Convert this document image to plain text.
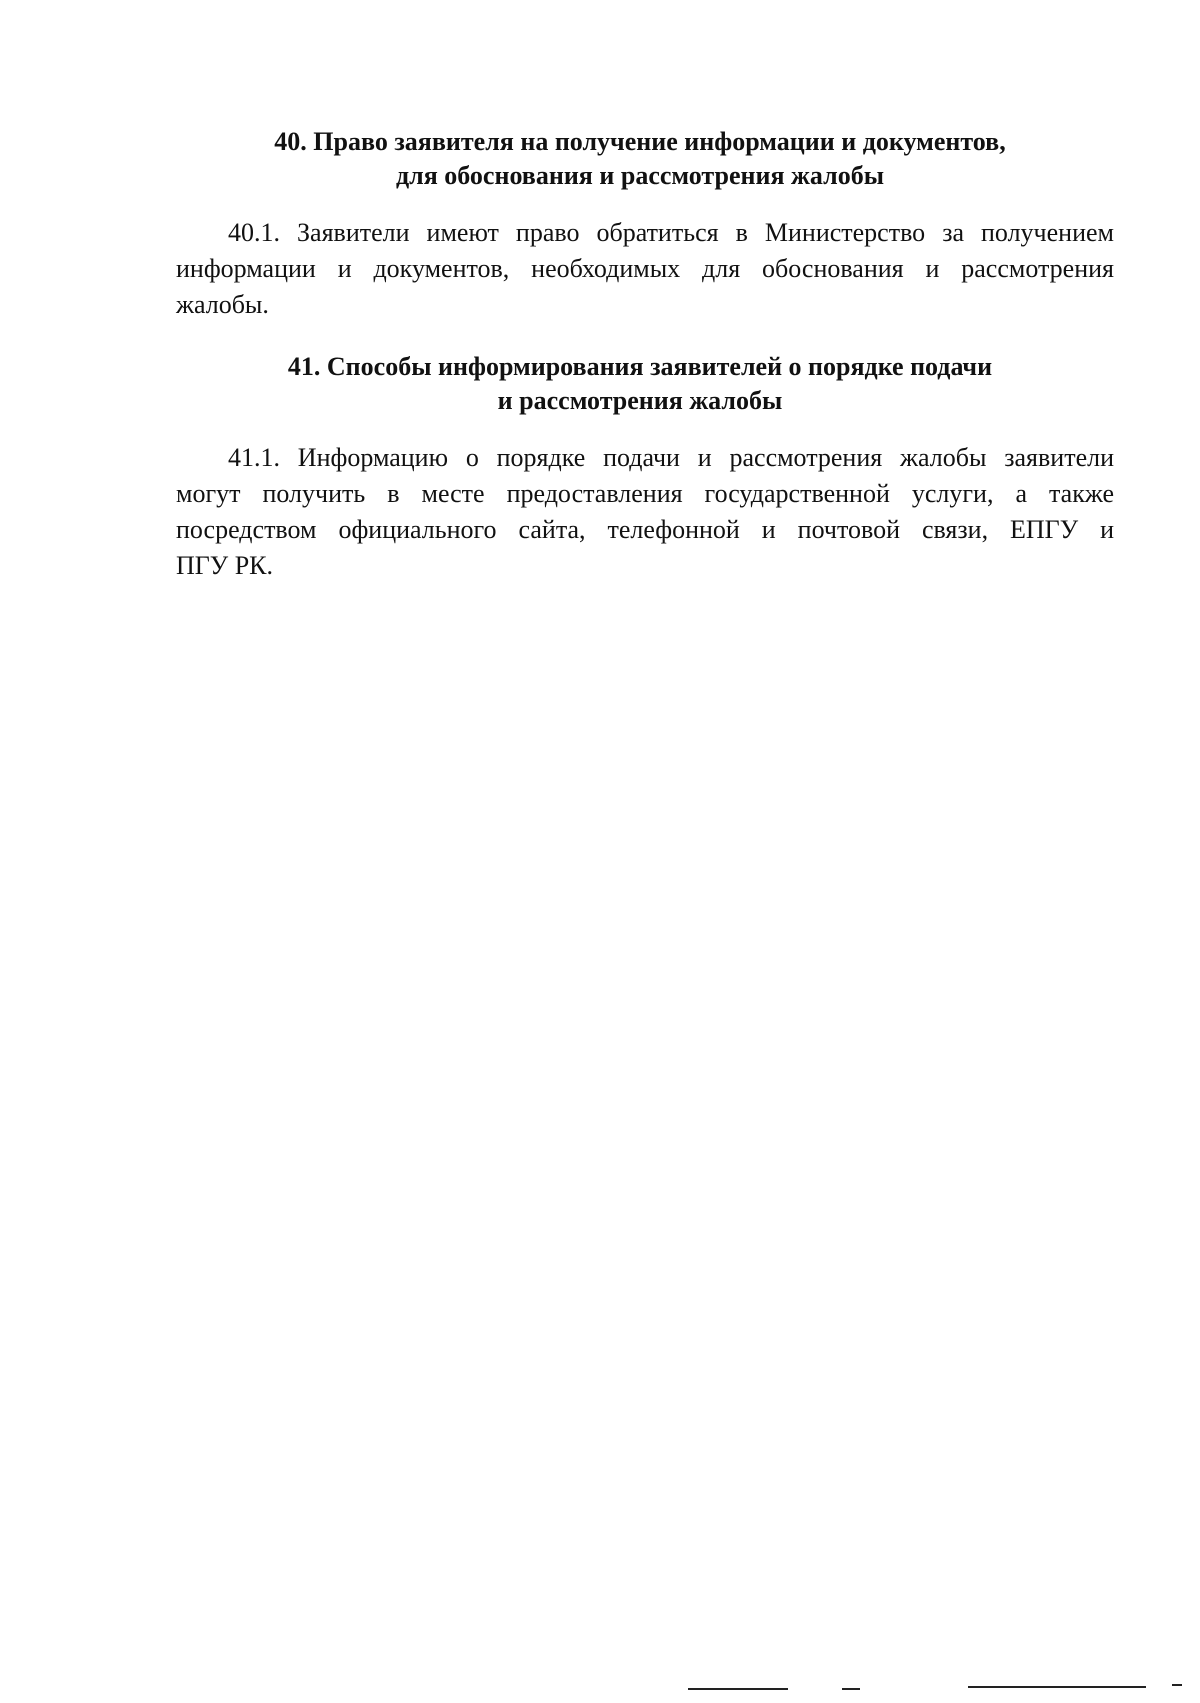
40. Право заявителя на получение информации и документов,
для обоснования и рассмотрения жалобы
40.1. Заявители имеют право обратиться в Министерство за получением
информации и документов, необходимых для обоснования и рассмотрения
жалобы.
41. Способы информирования заявителей о порядке подачи
и рассмотрения жалобы
41.1. Информацию о порядке подачи и рассмотрения жалобы заявители
могут получить в месте предоставления государственной услуги, а также
посредством официального сайта, телефонной и почтовой связи, ЕПГУ и
ПГУ РК.
